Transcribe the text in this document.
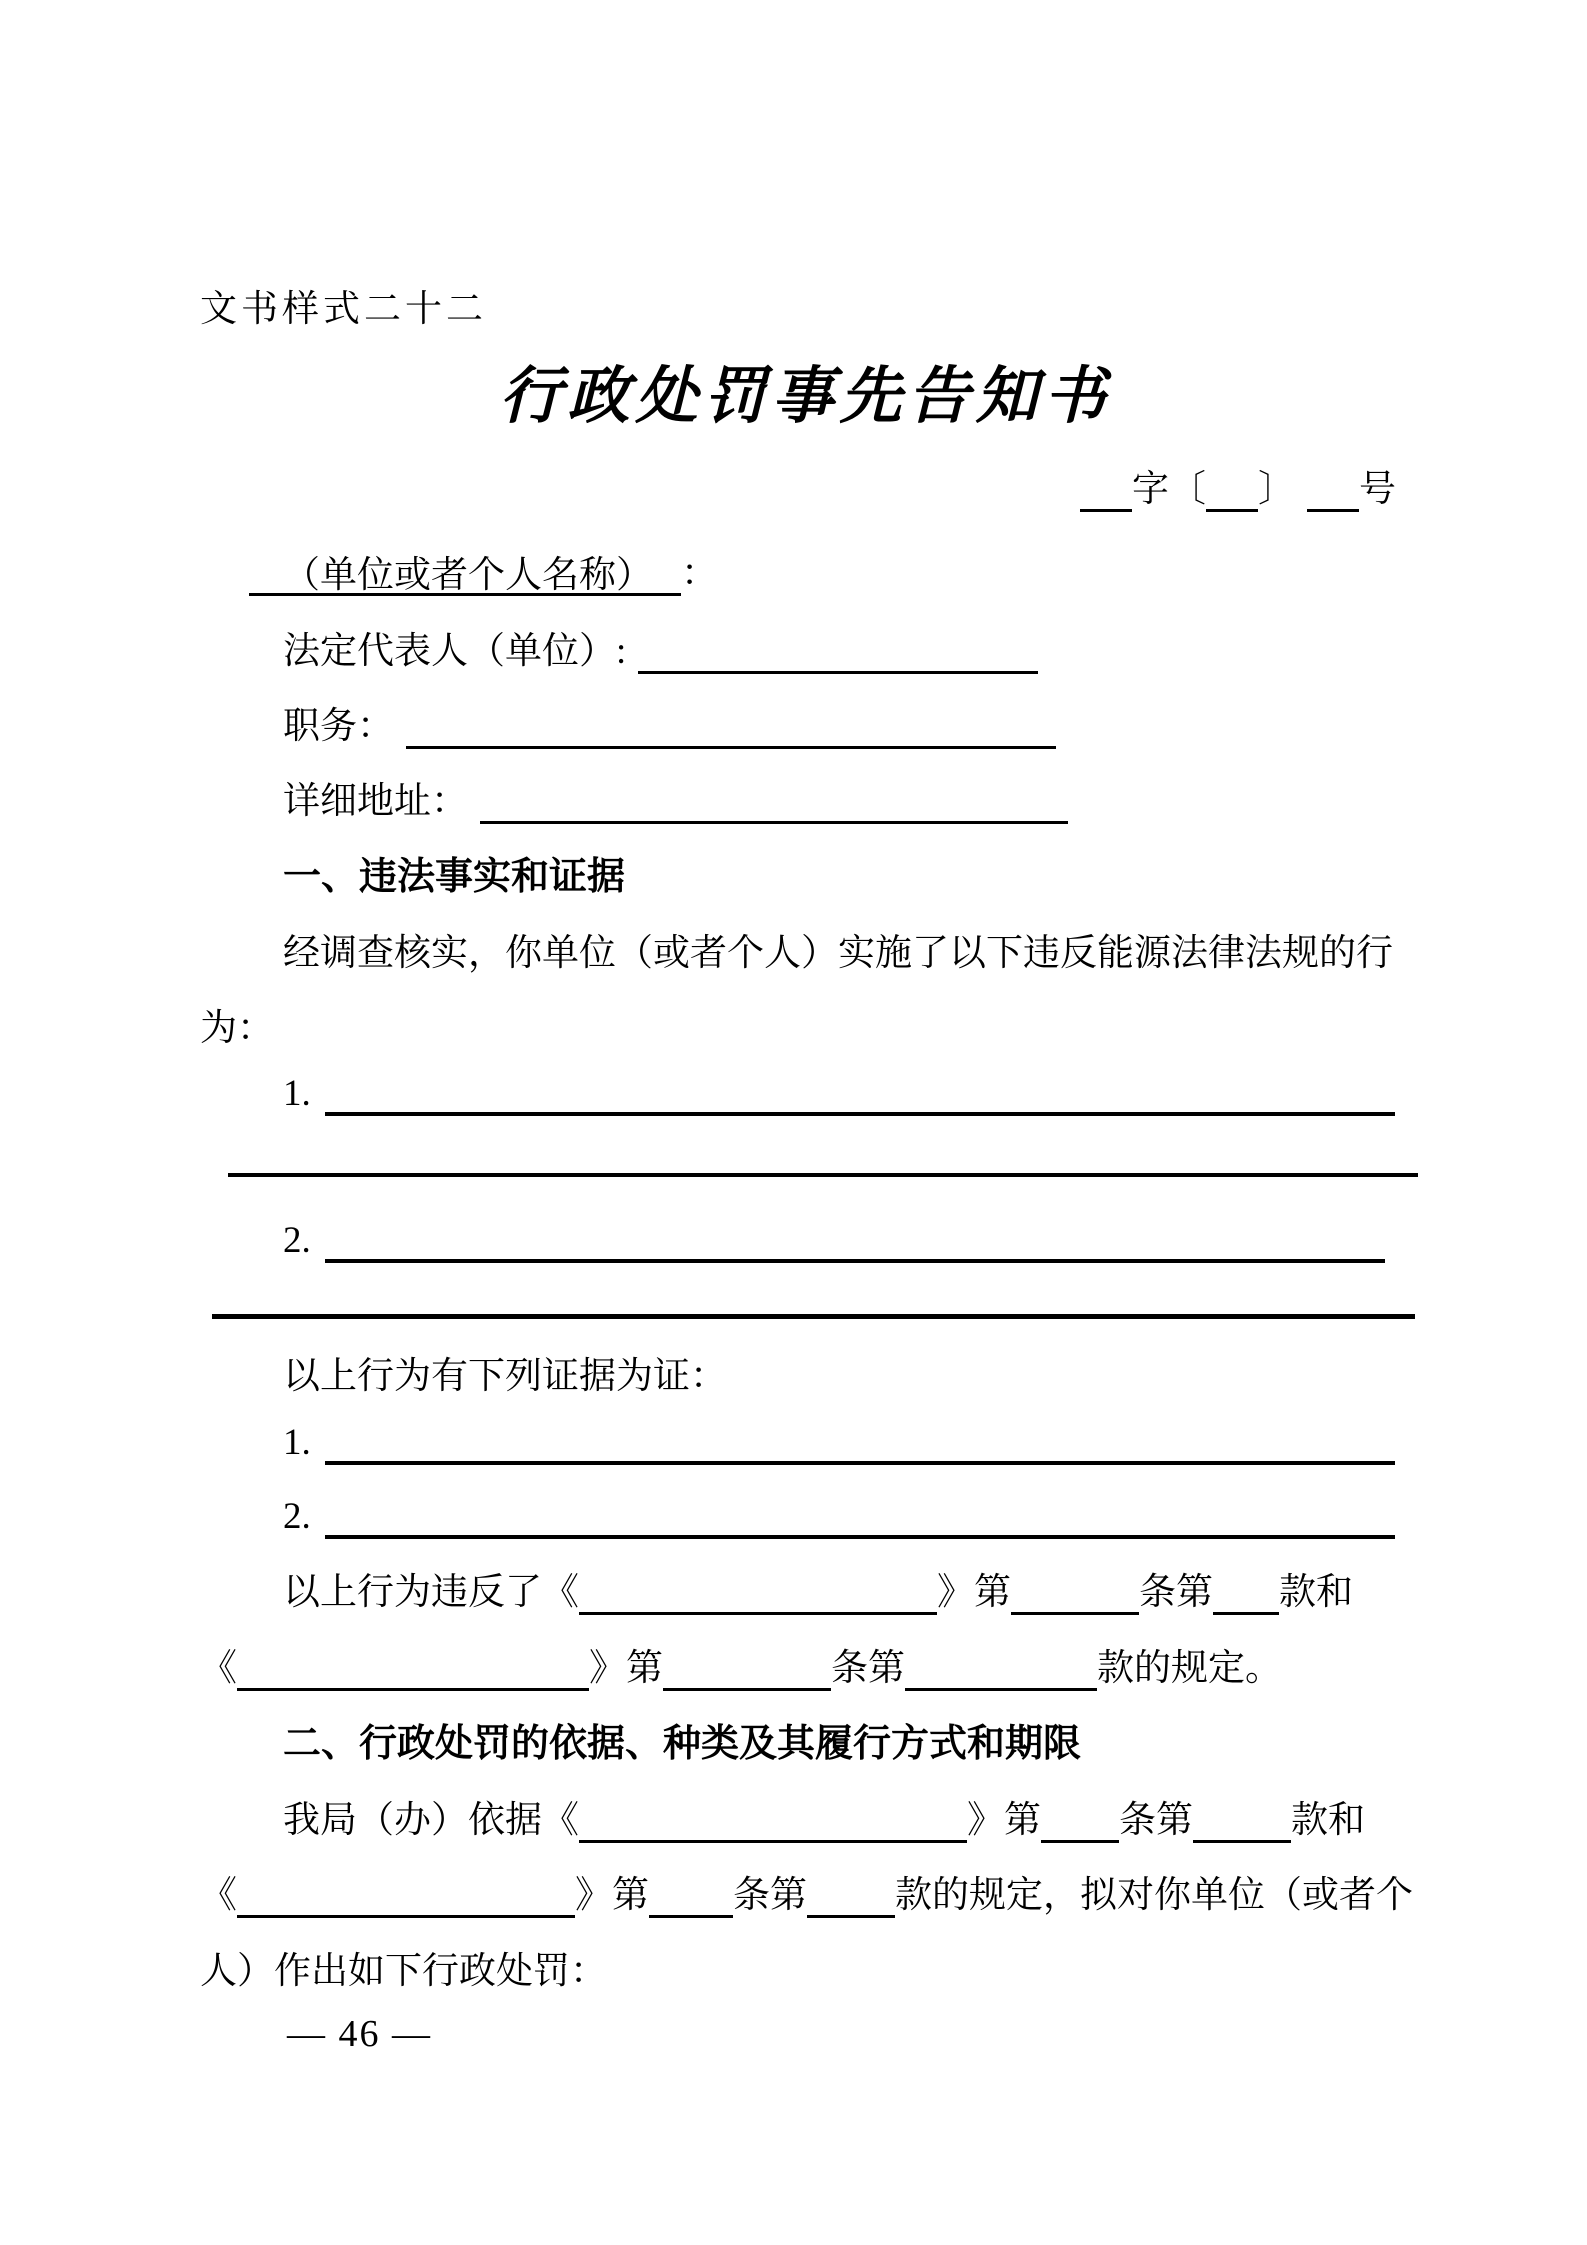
文书样式二十二
行政处罚事先告知书
字〔 〕 号
（单位或者个人名称） ：
法定代表人（单位）:
职务：
详细地址：
一、违法事实和证据
经调查核实，你单位（或者个人）实施了以下违反能源法律法规的行
为：
1.
2.
以上行为有下列证据为证：
1.
2.
以上行为违反了《	》第	条第 款和
《	》第	条第	款的规定。
二、行政处罚的依据、种类及其履行方式和期限
我局（办）依据《	》第 条第	款和
《	》第 条第 款的规定，拟对你单位（或者个
人）作出如下行政处罚：
— 46 —
